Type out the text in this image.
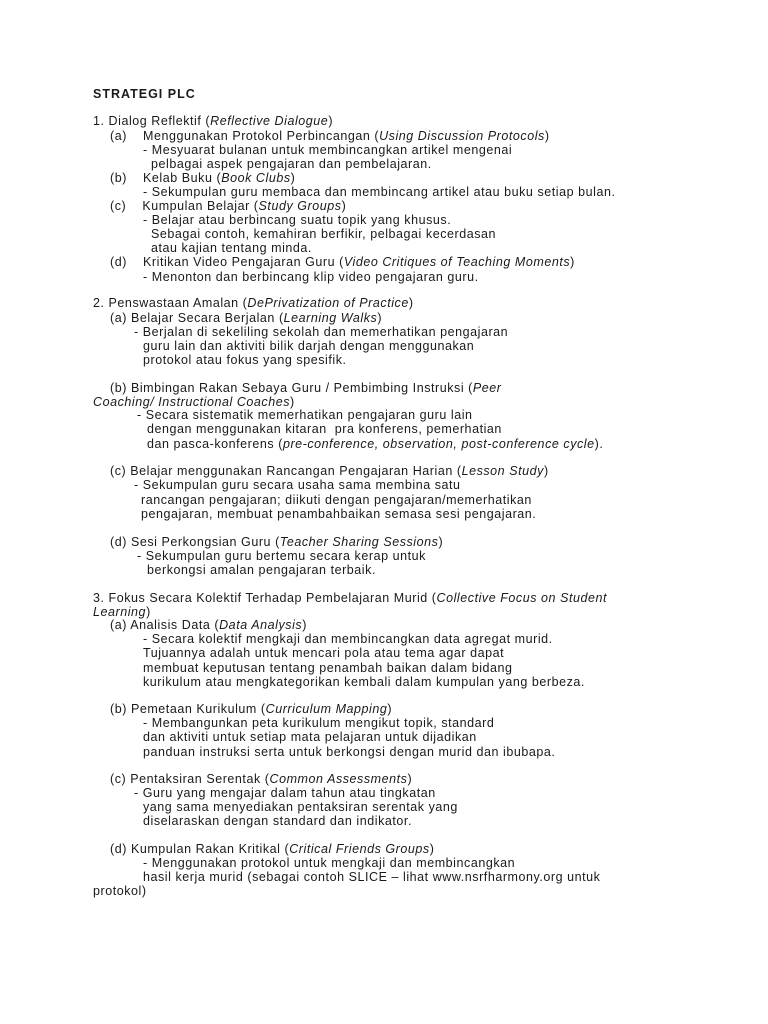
STRATEGI PLC
1. Dialog Reflektif (Reflective Dialogue)
(a)    Menggunakan Protokol Perbincangan (Using Discussion Protocols)
- Mesyuarat bulanan untuk membincangkan artikel mengenai
pelbagai aspek pengajaran dan pembelajaran.
(b)    Kelab Buku (Book Clubs)
- Sekumpulan guru membaca dan membincang artikel atau buku setiap bulan.
(c)    Kumpulan Belajar (Study Groups)
- Belajar atau berbincang suatu topik yang khusus.
Sebagai contoh, kemahiran berfikir, pelbagai kecerdasan
atau kajian tentang minda.
(d)    Kritikan Video Pengajaran Guru (Video Critiques of Teaching Moments)
- Menonton dan berbincang klip video pengajaran guru.
2. Penswastaan Amalan (DePrivatization of Practice)
(a) Belajar Secara Berjalan (Learning Walks)
- Berjalan di sekeliling sekolah dan memerhatikan pengajaran
guru lain dan aktiviti bilik darjah dengan menggunakan
protokol atau fokus yang spesifik.
(b) Bimbingan Rakan Sebaya Guru / Pembimbing Instruksi (Peer
Coaching/ Instructional Coaches)
- Secara sistematik memerhatikan pengajaran guru lain
dengan menggunakan kitaran  pra konferens, pemerhatian
dan pasca-konferens (pre-conference, observation, post-conference cycle).
(c) Belajar menggunakan Rancangan Pengajaran Harian (Lesson Study)
- Sekumpulan guru secara usaha sama membina satu
rancangan pengajaran; diikuti dengan pengajaran/memerhatikan
pengajaran, membuat penambahbaikan semasa sesi pengajaran.
(d) Sesi Perkongsian Guru (Teacher Sharing Sessions)
- Sekumpulan guru bertemu secara kerap untuk
berkongsi amalan pengajaran terbaik.
3. Fokus Secara Kolektif Terhadap Pembelajaran Murid (Collective Focus on Student
Learning)
(a) Analisis Data (Data Analysis)
- Secara kolektif mengkaji dan membincangkan data agregat murid.
Tujuannya adalah untuk mencari pola atau tema agar dapat
membuat keputusan tentang penambah baikan dalam bidang
kurikulum atau mengkategorikan kembali dalam kumpulan yang berbeza.
(b) Pemetaan Kurikulum (Curriculum Mapping)
- Membangunkan peta kurikulum mengikut topik, standard
dan aktiviti untuk setiap mata pelajaran untuk dijadikan
panduan instruksi serta untuk berkongsi dengan murid dan ibubapa.
(c) Pentaksiran Serentak (Common Assessments)
- Guru yang mengajar dalam tahun atau tingkatan
yang sama menyediakan pentaksiran serentak yang
diselaraskan dengan standard dan indikator.
(d) Kumpulan Rakan Kritikal (Critical Friends Groups)
- Menggunakan protokol untuk mengkaji dan membincangkan
hasil kerja murid (sebagai contoh SLICE – lihat www.nsrfharmony.org untuk
protokol)
